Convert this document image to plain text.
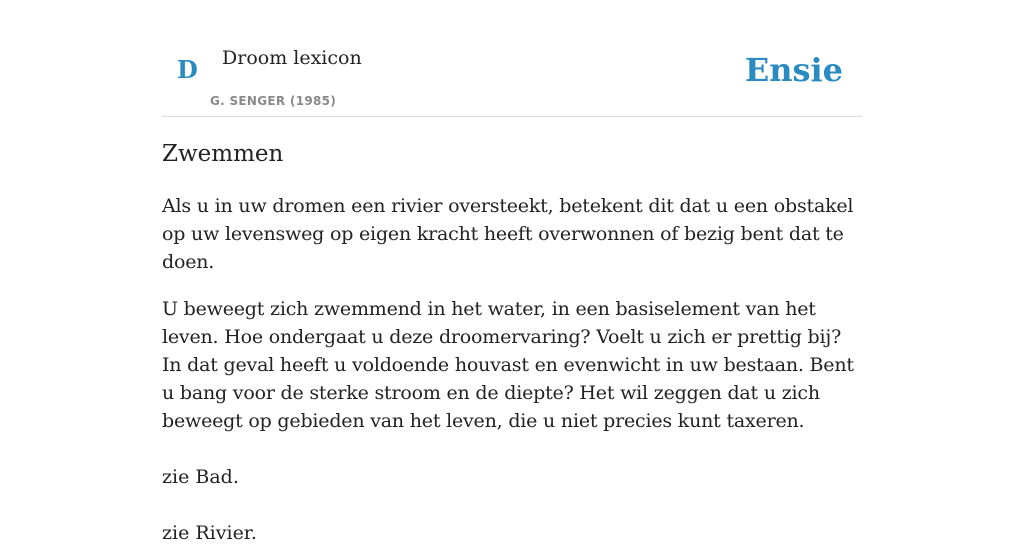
D Droom lexicon
G. SENGER (1985)
Ensie
Zwemmen

Als u in uw dromen een rivier oversteekt, betekent dit dat u een obstakel op uw levensweg op eigen kracht heeft overwonnen of bezig bent dat te doen.

U beweegt zich zwemmend in het water, in een basiselement van het leven. Hoe ondergaat u deze droomervaring? Voelt u zich er prettig bij? In dat geval heeft u voldoende houvast en evenwicht in uw bestaan. Bent u bang voor de sterke stroom en de diepte? Het wil zeggen dat u zich beweegt op gebieden van het leven, die u niet precies kunt taxeren.

zie Bad.

zie Rivier.
